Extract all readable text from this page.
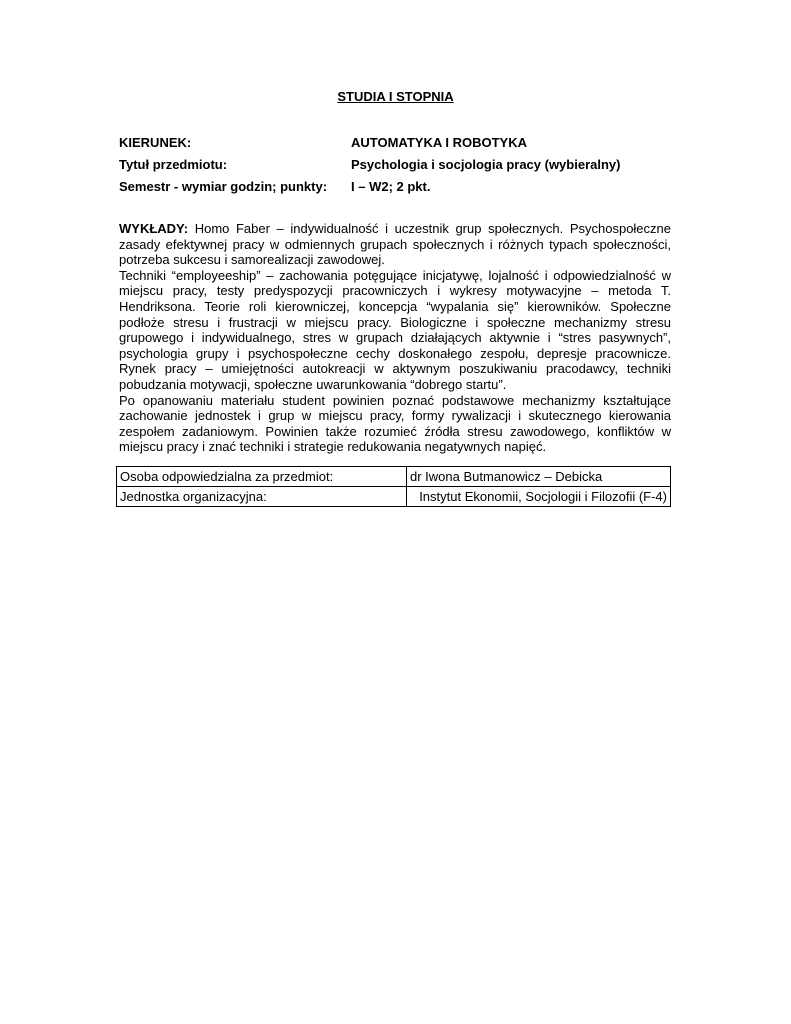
STUDIA I STOPNIA
KIERUNEK:	AUTOMATYKA I ROBOTYKA
Tytuł przedmiotu:	Psychologia i socjologia pracy (wybieralny)
Semestr - wymiar godzin; punkty: I – W2; 2 pkt.

WYKŁADY: Homo Faber – indywidualność i uczestnik grup społecznych. Psychospołeczne zasady efektywnej pracy w odmiennych grupach społecznych i różnych typach społeczności, potrzeba sukcesu i samorealizacji zawodowej.

Techniki “employeeship” – zachowania potęgujące inicjatywę, lojalność i odpowiedzialność w miejscu pracy, testy predyspozycji pracowniczych i wykresy motywacyjne – metoda T. Hendriksona. Teorie roli kierowniczej, koncepcja “wypalania się” kierowników. Społeczne podłoże stresu i frustracji w miejscu pracy. Biologiczne i społeczne mechanizmy stresu grupowego i indywidualnego, stres w grupach działających aktywnie i “stres pasywnych”, psychologia grupy i psychospołeczne cechy doskonałego zespołu, depresje pracownicze. Rynek pracy – umiejętności autokreacji w aktywnym poszukiwaniu pracodawcy, techniki pobudzania motywacji, społeczne uwarunkowania “dobrego startu”.

Po opanowaniu materiału student powinien poznać podstawowe mechanizmy kształtujące zachowanie jednostek i grup w miejscu pracy, formy rywalizacji i skutecznego kierowania zespołem zadaniowym. Powinien także rozumieć źródła stresu zawodowego, konfliktów w miejscu pracy i znać techniki i strategie redukowania negatywnych napięć.

Osoba odpowiedzialna za przedmiot:	dr Iwona Butmanowicz – Debicka
Jednostka organizacyjna:	Instytut Ekonomii, Socjologii i Filozofii (F-4)
